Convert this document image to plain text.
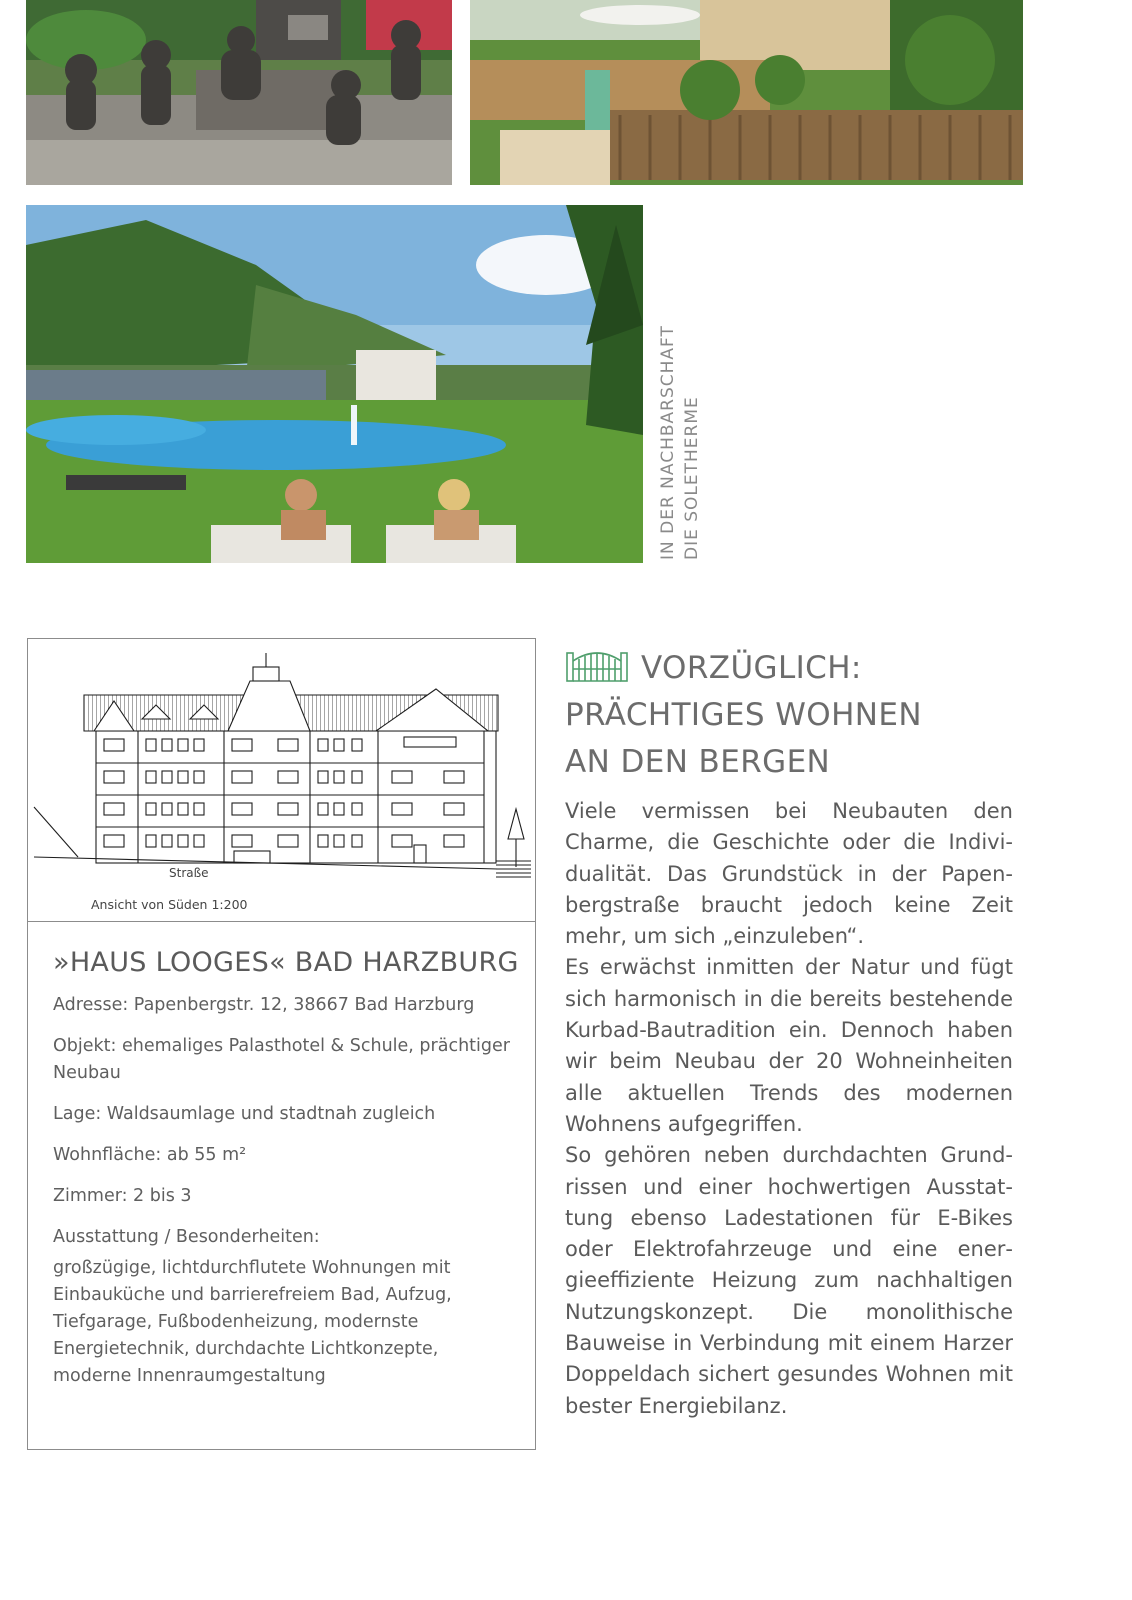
IN DER NACHBARSCHAFT DIE SOLETHERME
Straße
Ansicht von Süden 1:200
»HAUS LOOGES« BAD HARZBURG

Adresse: Papenbergstr. 12, 38667 Bad Harzburg

Objekt: ehemaliges Palasthotel & Schule, prächtiger Neubau

Lage: Waldsaumlage und stadtnah zugleich

Wohnfläche: ab 55 m²

Zimmer: 2 bis 3

Ausstattung / Besonderheiten:

großzügige, lichtdurchflutete Wohnungen mit Einbauküche und barrierefreiem Bad, Aufzug, Tiefgarage, Fußbodenheizung, modernste Energietechnik, durchdachte Lichtkonzepte, moderne Innenraumgestaltung

VORZÜGLICH:
PRÄCHTIGES WOHNEN
AN DEN BERGEN

Viele vermissen bei Neubauten den Charme, die Geschichte oder die Individualität. Das Grundstück in der Papenbergstraße braucht jedoch keine Zeit mehr, um sich „einzuleben“.

Es erwächst inmitten der Natur und fügt sich harmonisch in die bereits bestehende Kurbad-Bautradition ein. Dennoch haben wir beim Neubau der 20 Wohneinheiten alle aktuellen Trends des modernen Wohnens aufgegriffen.

So gehören neben durchdachten Grundrissen und einer hochwertigen Ausstattung ebenso Ladestationen für E-Bikes oder Elektrofahrzeuge und eine energieeffiziente Heizung zum nachhaltigen Nutzungskonzept. Die monolithische Bauweise in Verbindung mit einem Harzer Doppeldach sichert gesundes Wohnen mit bester Energiebilanz.
